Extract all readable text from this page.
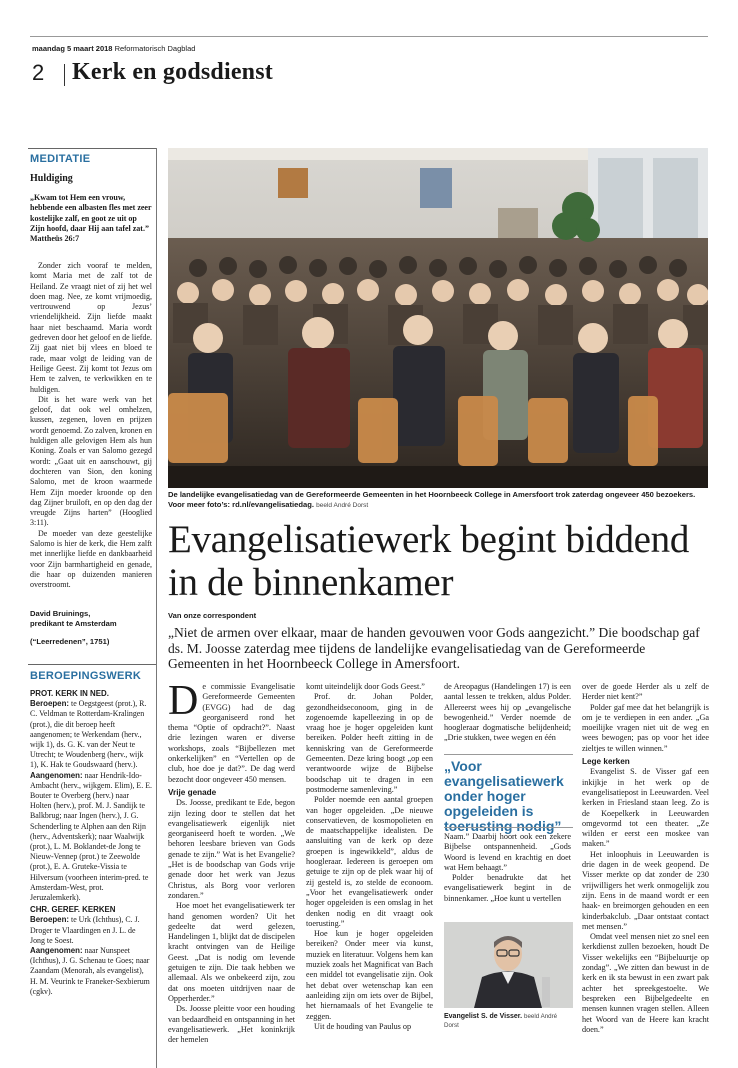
maandag 5 maart 2018 Reformatorisch Dagblad
2 Kerk en godsdienst
MEDITATIE
Huldiging
„Kwam tot Hem een vrouw, hebbende een albasten fles met zeer kostelijke zalf, en goot ze uit op Zijn hoofd, daar Hij aan tafel zat.” Mattheüs 26:7

Zonder zich vooraf te melden, komt Maria met de zalf tot de Heiland. Ze vraagt niet of zij het wel doen mag. Nee, ze komt vrijmoedig, vertrouwend op Jezus’ vriendelijkheid. Zijn liefde maakt haar niet beschaamd. Maria wordt gedreven door het geloof en de liefde. Zij gaat niet bij vlees en bloed te rade, maar volgt de leiding van de Heilige Geest. Zij komt tot Jezus om Hem te zalven, te verkwikken en te huldigen.

Dit is het ware werk van het geloof, dat ook wel omhelzen, kussen, zegenen, loven en prijzen wordt genoemd. Zo zalven, kronen en huldigen alle gelovigen Hem als hun Koning. Zoals er van Salomo gezegd wordt: „Gaat uit en aanschouwt, gij dochteren van Sion, den koning Salomo, met de kroon waarmede Hem Zijn moeder kroonde op den dag Zijner bruiloft, en op den dag der vreugde Zijns harten” (Hooglied 3:11).

De moeder van deze geestelijke Salomo is hier de kerk, die Hem zalft met innerlijke liefde en dankbaarheid voor Zijn barmhartigheid en genade, die haar op duizenden manieren overstroomt.

David Bruinings,
predikant te Amsterdam
(“Leerredenen”, 1751)
BEROEPINGSWERK

PROT. KERK IN NED.
Beroepen: te Oegstgeest (prot.), R. C. Veldman te Rotterdam-Kralingen (prot.), die dit beroep heeft aangenomen; te Werkendam (herv., wijk 1), ds. G. K. van der Neut te Utrecht; te Woudenberg (herv., wijk 1), K. Hak te Goudswaard (herv.).
Aangenomen: naar Hendrik-Ido-Ambacht (herv., wijkgem. Elim), E. E. Bouter te Overberg (herv.) naar Holten (herv.), prof. M. J. Sandijk te Balkbrug; naar Ingen (herv.), J. G. Schenderling te Alphen aan den Rijn (herv., Adventskerk); naar Waalwijk (prot.), L. M. Boklandet-de Jong te Nieuw-Vennep (prot.) te Zeewolde (prot.), E. A. Gruteke-Vissia te Hilversum (voorheen interim-pred. te Amsterdam-West, prot. Jeruzalemkerk).

CHR. GEREF. KERKEN
Beroepen: te Urk (Ichthus), C. J. Droger te Vlaardingen en J. L. de Jong te Soest.
Aangenomen: naar Nunspeet (Ichthus), J. G. Schenau te Goes; naar Zaandam (Menorah, als evangelist), H. M. Veurink te Franeker-Sexbierum (cgkv).

De landelijke evangelisatiedag van de Gereformeerde Gemeenten in het Hoornbeeck College in Amersfoort trok zaterdag ongeveer 450 bezoekers. Voor meer foto’s: rd.nl/evangelisatiedag. beeld André Dorst
Evangelisatiewerk begint biddend in de binnenkamer
Van onze correspondent
„Niet de armen over elkaar, maar de handen gevouwen voor Gods aangezicht.” Die boodschap gaf ds. M. Joosse zaterdag mee tijdens de landelijke evangelisatiedag van de Gereformeerde Gemeenten in het Hoornbeeck College in Amersfoort.
D e commissie Evangelisatie Gereformeerde Gemeenten (EVGG) had de dag georganiseerd rond het thema “Optie of opdracht?”. Naast drie lezingen waren er diverse workshops, zoals “Bijbellezen met onkerkelijken” en “Vertellen op de club, hoe doe je dat?”. De dag werd bezocht door ongeveer 450 mensen.

Vrije genade

Ds. Joosse, predikant te Ede, begon zijn lezing door te stellen dat het evangelisatiewerk eigenlijk niet georganiseerd hoeft te worden. „We behoren leesbare brieven van Gods genade te zijn.” Wat is het Evangelie? „Het is de boodschap van Gods vrije genade door het werk van Jezus Christus, als Borg voor verloren zondaren.”

Hoe moet het evangelisatiewerk ter hand genomen worden? Uit het gedeelte dat werd gelezen, Handelingen 1, blijkt dat de discipelen kracht ontvingen van de Heilige Geest. „Dat is nodig om levende getuigen te zijn. Die taak hebben we allemaal. Als we onbekeerd zijn, zou dat ons moeten uitdrijven naar de Opperherder.”

Ds. Joosse pleitte voor een houding van bedaardheid en ontspanning in het evangelisatiewerk. „Het koninkrijk der hemelen

komt uiteindelijk door Gods Geest.”

Prof. dr. Johan Polder, gezondheidseconoom, ging in de zogenoemde kapelleezing in op de vraag hoe je hoger opgeleiden kunt bereiken. Polder heeft zitting in de kenniskring van de Gereformeerde Gemeenten. Deze kring boogt „op een verantwoorde wijze de Bijbelse boodschap uit te dragen in een postmoderne samenleving.”

Polder noemde een aantal groepen van hoger opgeleiden. „De nieuwe conservatieven, de kosmopolieten en de maatschappelijke idealisten. De aansluiting van de kerk op deze groepen is ingewikkeld”, aldus de hoogleraar. Iedereen is geroepen om getuige te zijn op de plek waar hij of zij gesteld is, zo stelde de econoom. „Voor het evangelisatiewerk onder hoger opgeleiden is een omslag in het denken nodig en dit vraagt ook toerusting.”

Hoe kun je hoger opgeleiden bereiken? Onder meer via kunst, muziek en literatuur. Volgens hem kan muziek zoals het Magnificat van Bach een middel tot evangelisatie zijn. Ook het debat over wetenschap kan een aanleiding zijn om iets over de Bijbel, het hiernamaals of het Evangelie te zeggen.

Uit de houding van Paulus op

de Areopagus (Handelingen 17) is een aantal lessen te trekken, aldus Polder. Allereerst wees hij op „evangelische bewogenheid.” Verder noemde de hoogleraar dogmatische belijdenheid; „Drie stukken, twee wegen en één

„Voor evangelisatiewerk onder hoger opgeleiden is toerusting nodig”

Naam.” Daarbij hoort ook een zekere Bijbelse ontspannenheid. „Gods Woord is levend en krachtig en doet wat Hem behaagt.”

Polder benadrukte dat het evangelisatiewerk begint in de binnenkamer. „Hoe kunt u vertellen

Evangelist S. de Visser. beeld André Dorst

over de goede Herder als u zelf de Herder niet kent?”

Polder gaf mee dat het belangrijk is om je te verdiepen in een ander. „Ga moeilijke vragen niet uit de weg en wees bewogen; pas op voor het idee zieltjes te willen winnen.”

Lege kerken

Evangelist S. de Visser gaf een inkijkje in het werk op de evangelisatiepost in Leeuwarden. Veel kerken in Friesland staan leeg. Zo is de Koepelkerk in Leeuwarden omgevormd tot een theater. „Ze wilden er eerst een moskee van maken.”

Het inloophuis in Leeuwarden is drie dagen in de week geopend. De Visser merkte op dat zonder de 230 vrijwilligers het werk onmogelijk zou zijn. Eens in de maand wordt er een haak- en breimorgen gehouden en een kinderbakclub. „Daar ontstaat contact met mensen.”

Omdat veel mensen niet zo snel een kerkdienst zullen bezoeken, houdt De Visser wekelijks een “Bijbeluurtje op zondag”. „We zitten dan bewust in de kerk en ik sta bewust in een zwart pak achter het spreekgestoelte. We bespreken een Bijbelgedeelte en mensen kunnen vragen stellen. Alleen het Woord van de Heere kan kracht doen.”
